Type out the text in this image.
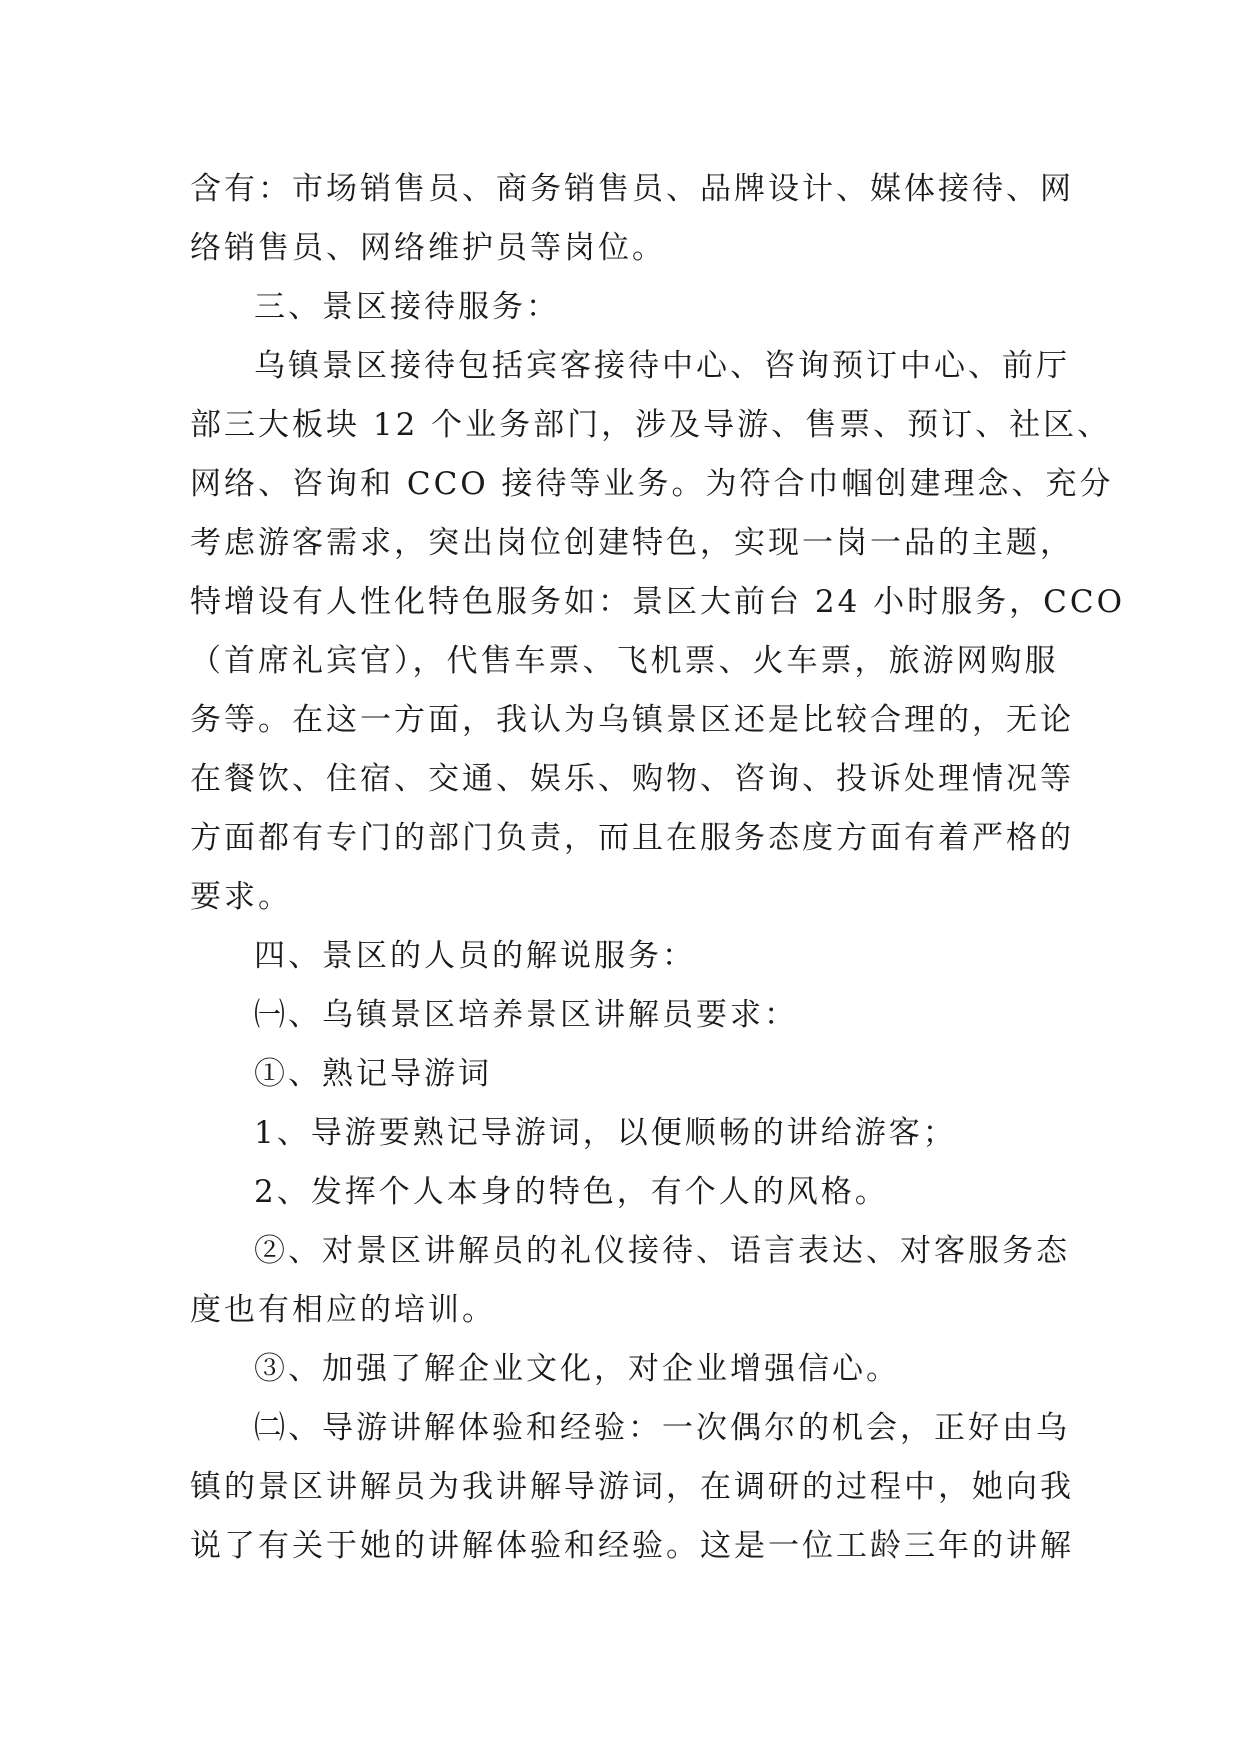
含有：市场销售员、商务销售员、品牌设计、媒体接待、网
络销售员、网络维护员等岗位。
三、景区接待服务：
乌镇景区接待包括宾客接待中心、咨询预订中心、前厅
部三大板块 12 个业务部门，涉及导游、售票、预订、社区、
网络、咨询和 CCO 接待等业务。为符合巾帼创建理念、充分
考虑游客需求，突出岗位创建特色，实现一岗一品的主题，
特增设有人性化特色服务如：景区大前台 24 小时服务，CCO
（首席礼宾官），代售车票、飞机票、火车票，旅游网购服
务等。在这一方面，我认为乌镇景区还是比较合理的，无论
在餐饮、住宿、交通、娱乐、购物、咨询、投诉处理情况等
方面都有专门的部门负责，而且在服务态度方面有着严格的
要求。
四、景区的人员的解说服务：
㈠、乌镇景区培养景区讲解员要求：
①、熟记导游词
1、导游要熟记导游词，以便顺畅的讲给游客；
2、发挥个人本身的特色，有个人的风格。
②、对景区讲解员的礼仪接待、语言表达、对客服务态
度也有相应的培训。
③、加强了解企业文化，对企业增强信心。
㈡、导游讲解体验和经验：一次偶尔的机会，正好由乌
镇的景区讲解员为我讲解导游词，在调研的过程中，她向我
说了有关于她的讲解体验和经验。这是一位工龄三年的讲解
